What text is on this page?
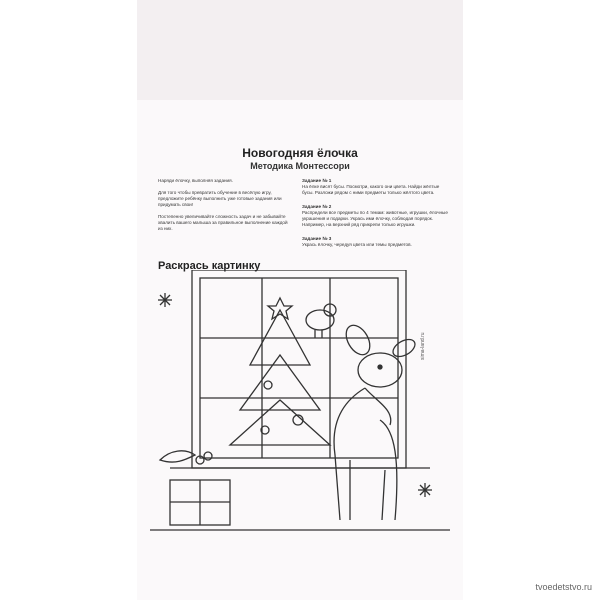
Новогодняя ёлочка
Методика Монтессори

Наряди ёлочку, выполняя задания.

Для того чтобы превратить обучение в весёлую игру, предложите ребёнку выполнить уже готовые задания или придумать свои!

Постепенно увеличивайте сложность задач и не забывайте хвалить вашего малыша за правильное выполнение каждой из них.

Задание № 1

На ёлке висят бусы. Посмотри, какого они цвета. Найди жёлтые бусы. Разложи рядом с ними предметы только жёлтого цвета.

Задание № 2

Распредели все предметы по 4 темам: животные, игрушки, ёлочные украшения и подарки. Укрась ими ёлочку, соблюдая порядок. Например, на верхний ряд прикрепи только игрушки.

Задание № 3

Укрась ёлочку, чередуя цвета или темы предметов.

Раскрась картинку
sima-land.ru
tvoedetstvo.ru
